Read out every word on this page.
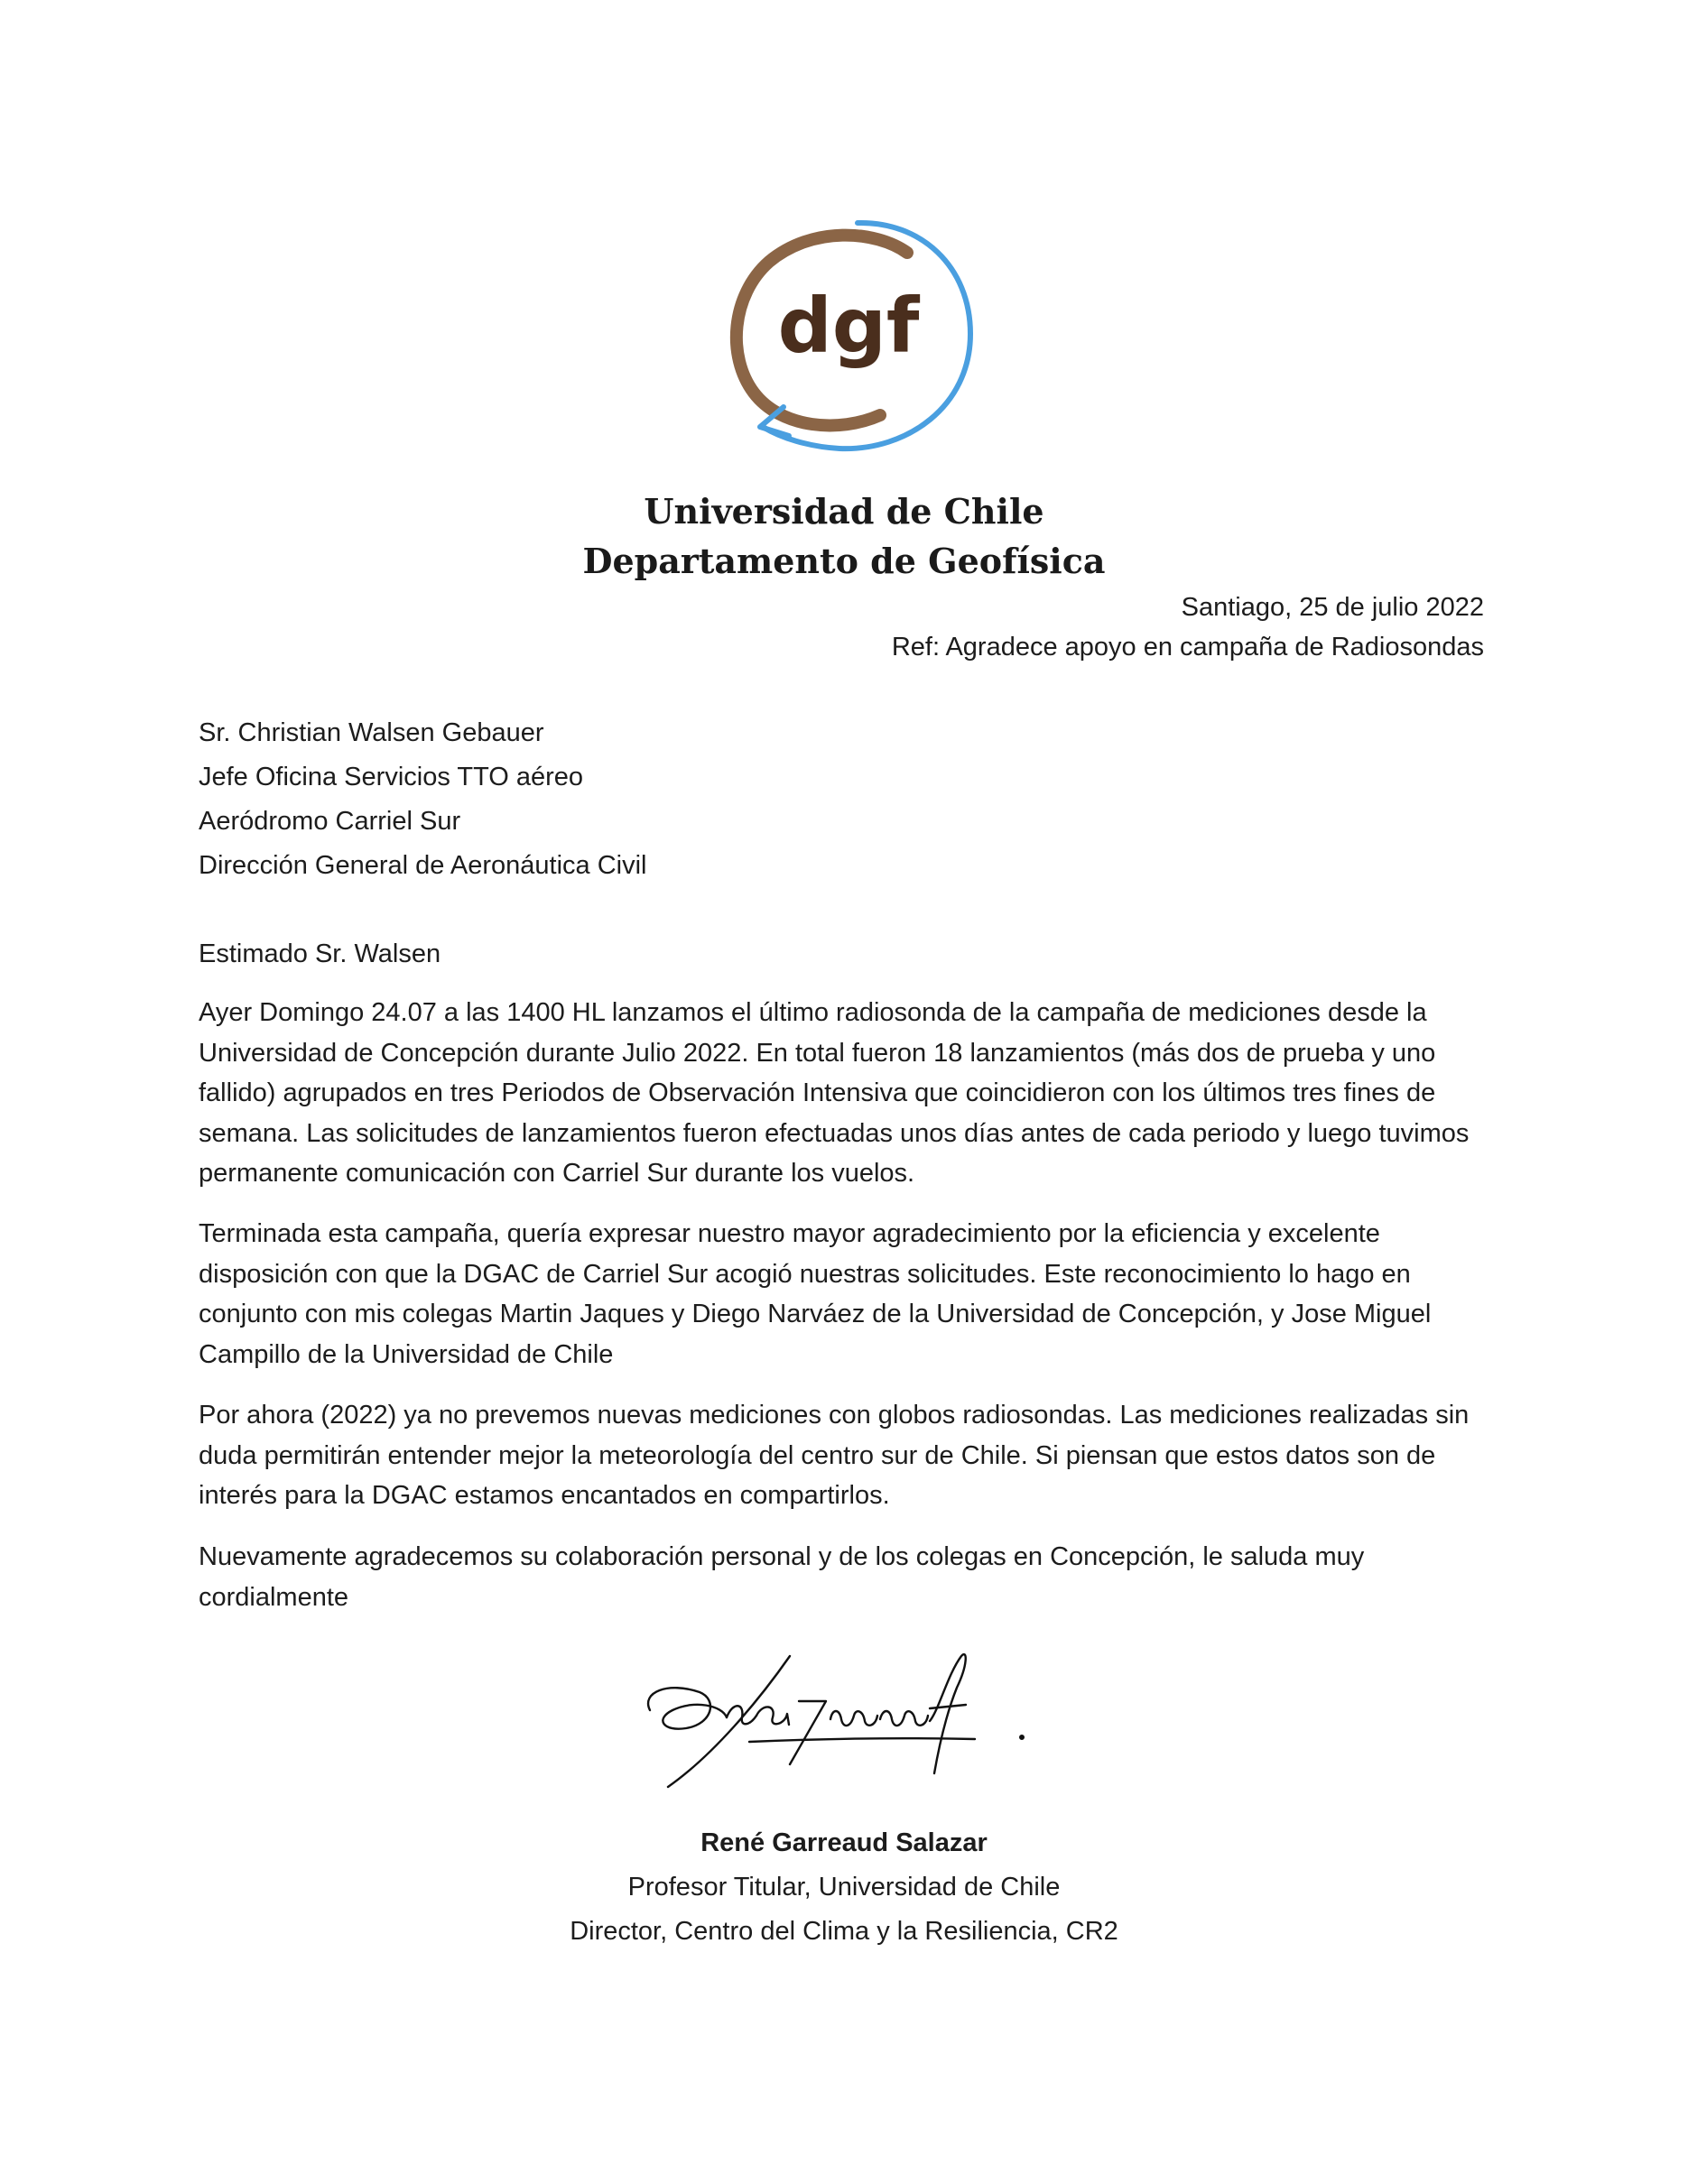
dgf
Universidad de Chile
Departamento de Geofísica
Santiago, 25 de julio 2022
Ref: Agradece apoyo en campaña de Radiosondas
Sr. Christian Walsen Gebauer
Jefe Oficina Servicios TTO aéreo
Aeródromo Carriel Sur
Dirección General de Aeronáutica Civil
Estimado Sr. Walsen

Ayer Domingo 24.07 a las 1400 HL lanzamos el último radiosonda de la campaña de mediciones desde la Universidad de Concepción durante Julio 2022. En total fueron 18 lanzamientos (más dos de prueba y uno fallido) agrupados en tres Periodos de Observación Intensiva que coincidieron con los últimos tres fines de semana. Las solicitudes de lanzamientos fueron efectuadas unos días antes de cada periodo y luego tuvimos permanente comunicación con Carriel Sur durante los vuelos.

Terminada esta campaña, quería expresar nuestro mayor agradecimiento por la eficiencia y excelente disposición con que la DGAC de Carriel Sur acogió nuestras solicitudes. Este reconocimiento lo hago en conjunto con mis colegas Martin Jaques y Diego Narváez de la Universidad de Concepción, y Jose Miguel Campillo de la Universidad de Chile

Por ahora (2022) ya no prevemos nuevas mediciones con globos radiosondas. Las mediciones realizadas sin duda permitirán entender mejor la meteorología del centro sur de Chile. Si piensan que estos datos son de interés para la DGAC estamos encantados en compartirlos.

Nuevamente agradecemos su colaboración personal y de los colegas en Concepción, le saluda muy cordialmente

René Garreaud Salazar
Profesor Titular, Universidad de Chile
Director, Centro del Clima y la Resiliencia, CR2
